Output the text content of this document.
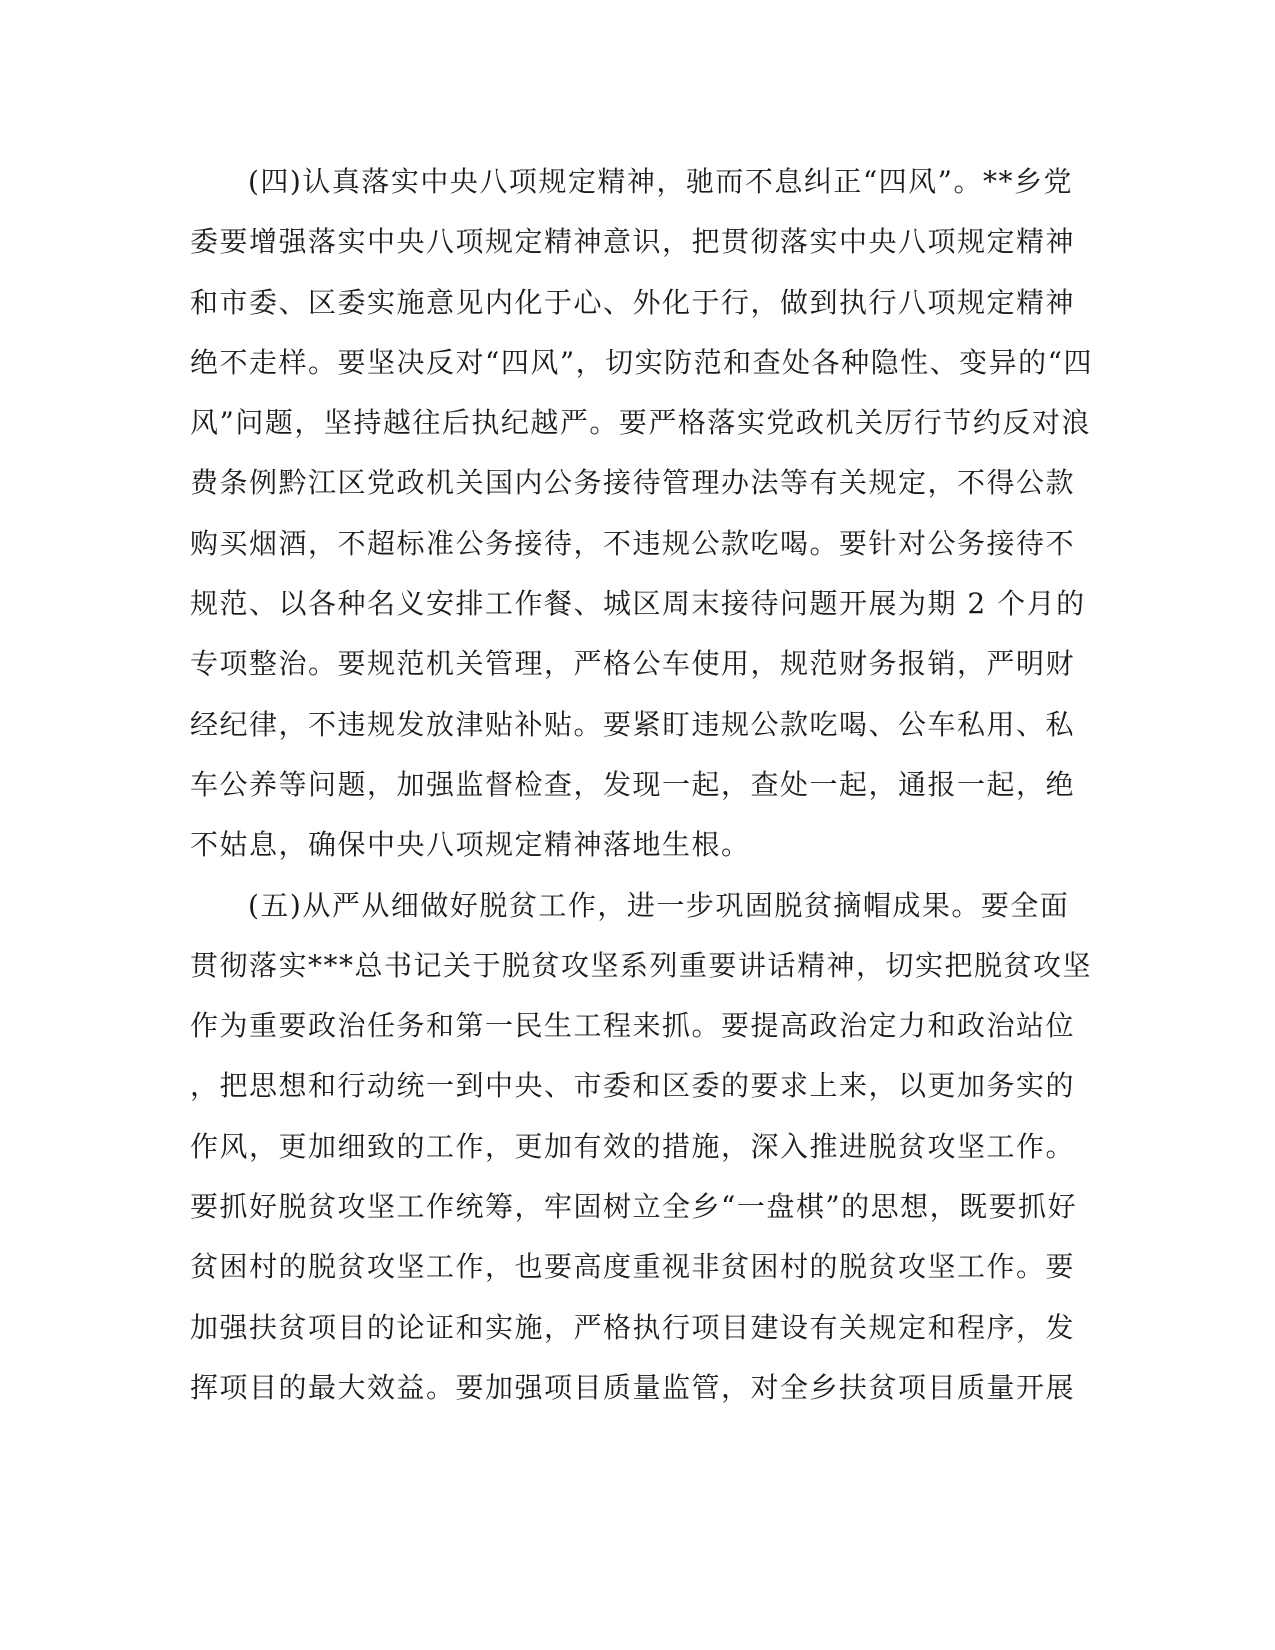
(四)认真落实中央八项规定精神，驰而不息纠正“四风”。**乡党
委要增强落实中央八项规定精神意识，把贯彻落实中央八项规定精神
和市委、区委实施意见内化于心、外化于行，做到执行八项规定精神
绝不走样。要坚决反对“四风”，切实防范和查处各种隐性、变异的“四
风”问题，坚持越往后执纪越严。要严格落实党政机关厉行节约反对浪
费条例黔江区党政机关国内公务接待管理办法等有关规定，不得公款
购买烟酒，不超标准公务接待，不违规公款吃喝。要针对公务接待不
规范、以各种名义安排工作餐、城区周末接待问题开展为期 2 个月的
专项整治。要规范机关管理，严格公车使用，规范财务报销，严明财
经纪律，不违规发放津贴补贴。要紧盯违规公款吃喝、公车私用、私
车公养等问题，加强监督检查，发现一起，查处一起，通报一起，绝
不姑息，确保中央八项规定精神落地生根。
(五)从严从细做好脱贫工作，进一步巩固脱贫摘帽成果。要全面
贯彻落实***总书记关于脱贫攻坚系列重要讲话精神，切实把脱贫攻坚
作为重要政治任务和第一民生工程来抓。要提高政治定力和政治站位
，把思想和行动统一到中央、市委和区委的要求上来，以更加务实的
作风，更加细致的工作，更加有效的措施，深入推进脱贫攻坚工作。
要抓好脱贫攻坚工作统筹，牢固树立全乡“一盘棋”的思想，既要抓好
贫困村的脱贫攻坚工作，也要高度重视非贫困村的脱贫攻坚工作。要
加强扶贫项目的论证和实施，严格执行项目建设有关规定和程序，发
挥项目的最大效益。要加强项目质量监管，对全乡扶贫项目质量开展
